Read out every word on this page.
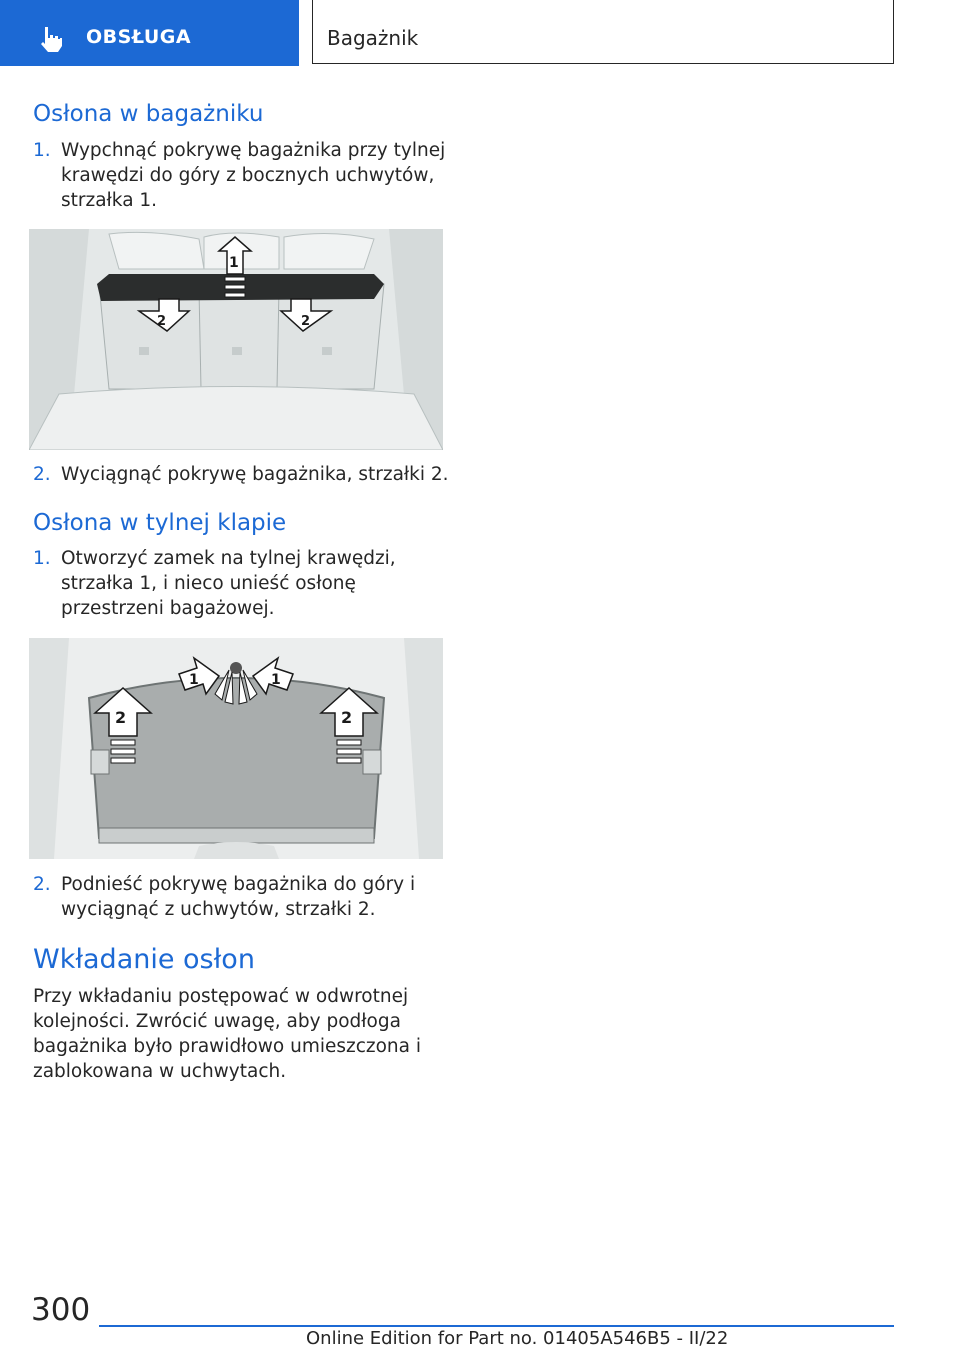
OBSŁUGA	Bagażnik
Osłona w bagażniku
1. Wypchnąć pokrywę bagażnika przy tylnej krawędzi do góry z bocznych uchwytów, strzałka 1.
1
2	2
2. Wyciągnąć pokrywę bagażnika, strzałki 2.
Osłona w tylnej klapie
1. Otworzyć zamek na tylnej krawędzi, strzałka 1, i nieco unieść osłonę przestrzeni bagażowej.
1	1
2	2
2. Podnieść pokrywę bagażnika do góry i wyciągnąć z uchwytów, strzałki 2.
Wkładanie osłon
Przy wkładaniu postępować w odwrotnej kolejności. Zwrócić uwagę, aby podłoga bagażnika było prawidłowo umieszczona i zablokowana w uchwytach.
300
Online Edition for Part no. 01405A546B5 - II/22
